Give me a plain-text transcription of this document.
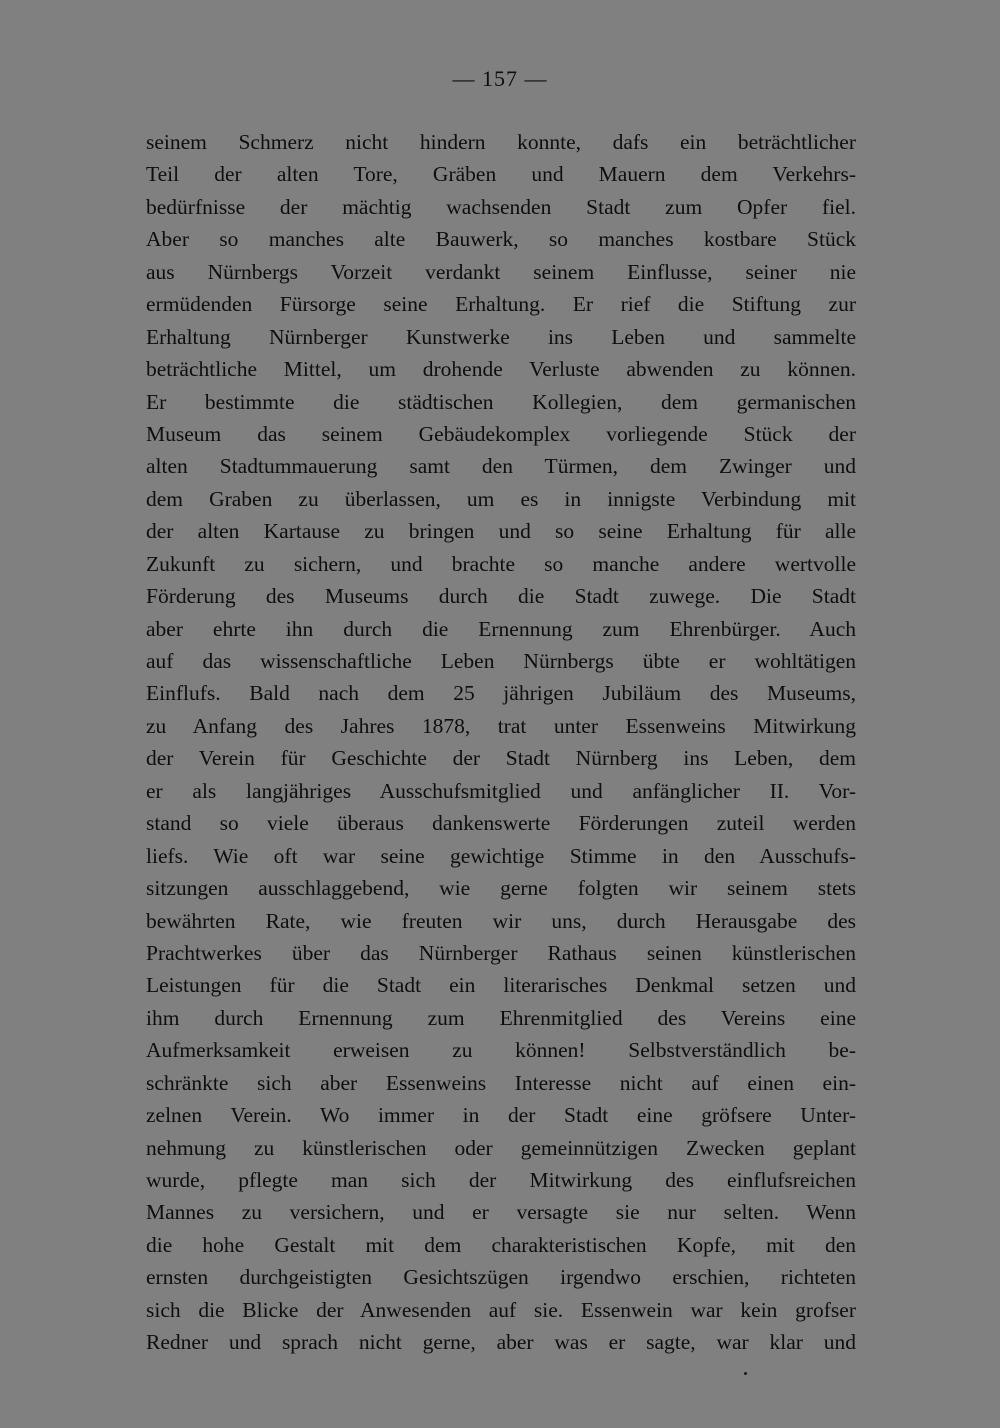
— 157 —
seinem Schmerz nicht hindern konnte, dafs ein beträchtlicher
Teil der alten Tore, Gräben und Mauern dem Verkehrs-
bedürfnisse der mächtig wachsenden Stadt zum Opfer fiel.
Aber so manches alte Bauwerk, so manches kostbare Stück
aus Nürnbergs Vorzeit verdankt seinem Einflusse, seiner nie
ermüdenden Fürsorge seine Erhaltung. Er rief die Stiftung zur
Erhaltung Nürnberger Kunstwerke ins Leben und sammelte
beträchtliche Mittel, um drohende Verluste abwenden zu können.
Er bestimmte die städtischen Kollegien, dem germanischen
Museum das seinem Gebäudekomplex vorliegende Stück der
alten Stadtummauerung samt den Türmen, dem Zwinger und
dem Graben zu überlassen, um es in innigste Verbindung mit
der alten Kartause zu bringen und so seine Erhaltung für alle
Zukunft zu sichern, und brachte so manche andere wertvolle
Förderung des Museums durch die Stadt zuwege. Die Stadt
aber ehrte ihn durch die Ernennung zum Ehrenbürger. Auch
auf das wissenschaftliche Leben Nürnbergs übte er wohltätigen
Einflufs. Bald nach dem 25 jährigen Jubiläum des Museums,
zu Anfang des Jahres 1878, trat unter Essenweins Mitwirkung
der Verein für Geschichte der Stadt Nürnberg ins Leben, dem
er als langjähriges Ausschufsmitglied und anfänglicher II. Vor-
stand so viele überaus dankenswerte Förderungen zuteil werden
liefs. Wie oft war seine gewichtige Stimme in den Ausschufs-
sitzungen ausschlaggebend, wie gerne folgten wir seinem stets
bewährten Rate, wie freuten wir uns, durch Herausgabe des
Prachtwerkes über das Nürnberger Rathaus seinen künstlerischen
Leistungen für die Stadt ein literarisches Denkmal setzen und
ihm durch Ernennung zum Ehrenmitglied des Vereins eine
Aufmerksamkeit erweisen zu können! Selbstverständlich be-
schränkte sich aber Essenweins Interesse nicht auf einen ein-
zelnen Verein. Wo immer in der Stadt eine gröfsere Unter-
nehmung zu künstlerischen oder gemeinnützigen Zwecken geplant
wurde, pflegte man sich der Mitwirkung des einflufsreichen
Mannes zu versichern, und er versagte sie nur selten. Wenn
die hohe Gestalt mit dem charakteristischen Kopfe, mit den
ernsten durchgeistigten Gesichtszügen irgendwo erschien, richteten
sich die Blicke der Anwesenden auf sie. Essenwein war kein grofser
Redner und sprach nicht gerne, aber was er sagte, war klar und
